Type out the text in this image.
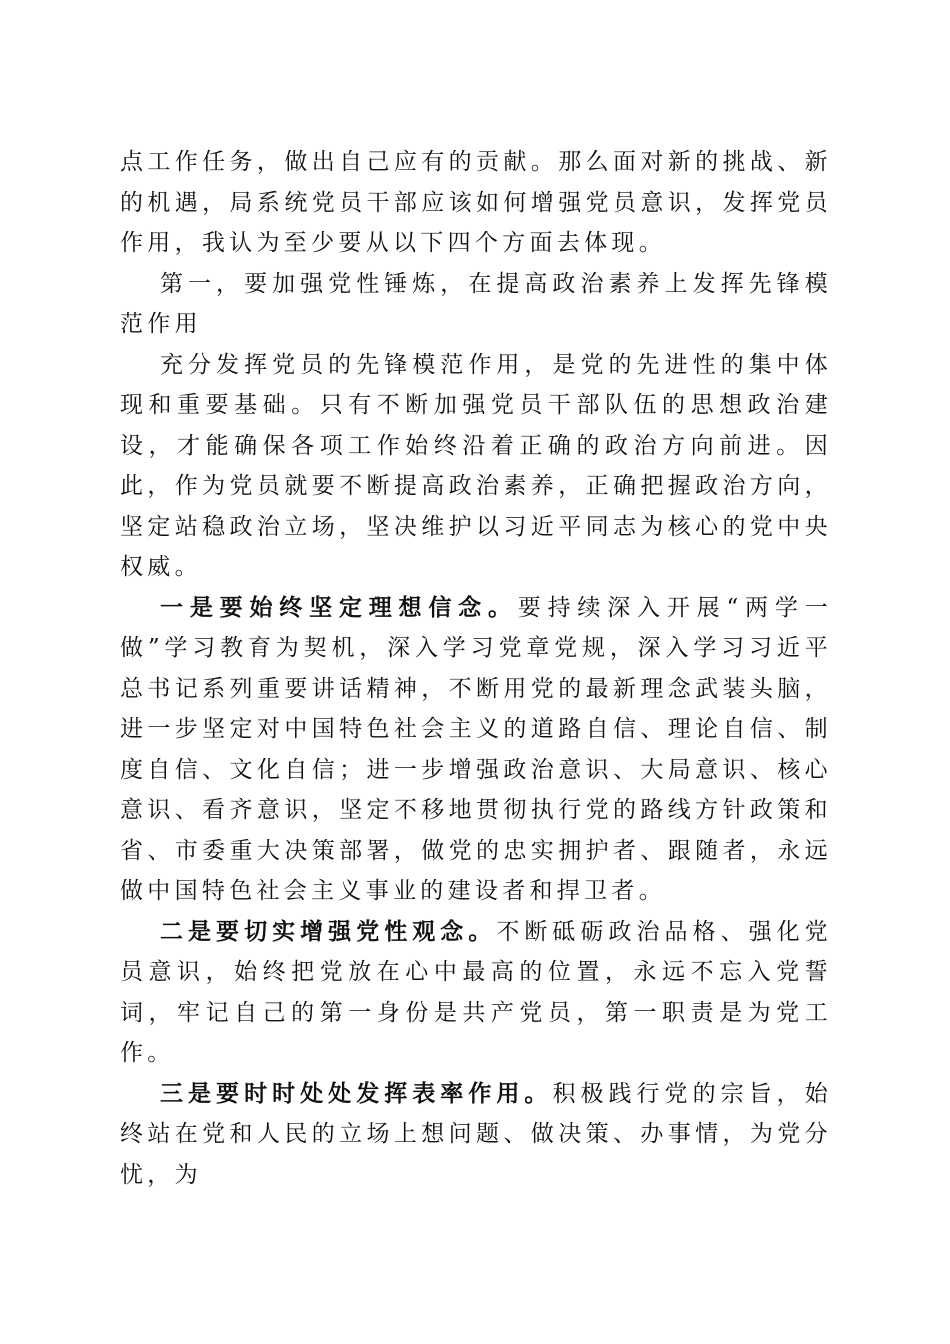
点工作任务，做出自己应有的贡献。那么面对新的挑战、新的机遇，局系统党员干部应该如何增强党员意识，发挥党员作用，我认为至少要从以下四个方面去体现。

第一，要加强党性锤炼，在提高政治素养上发挥先锋模范作用

充分发挥党员的先锋模范作用，是党的先进性的集中体现和重要基础。只有不断加强党员干部队伍的思想政治建设，才能确保各项工作始终沿着正确的政治方向前进。因此，作为党员就要不断提高政治素养，正确把握政治方向，坚定站稳政治立场，坚决维护以习近平同志为核心的党中央权威。

一是要始终坚定理想信念。要持续深入开展“两学一做”学习教育为契机，深入学习党章党规，深入学习习近平总书记系列重要讲话精神，不断用党的最新理念武装头脑，进一步坚定对中国特色社会主义的道路自信、理论自信、制度自信、文化自信；进一步增强政治意识、大局意识、核心意识、看齐意识，坚定不移地贯彻执行党的路线方针政策和省、市委重大决策部署，做党的忠实拥护者、跟随者，永远做中国特色社会主义事业的建设者和捍卫者。

二是要切实增强党性观念。不断砥砺政治品格、强化党员意识，始终把党放在心中最高的位置，永远不忘入党誓词，牢记自己的第一身份是共产党员，第一职责是为党工作。

三是要时时处处发挥表率作用。积极践行党的宗旨，始终站在党和人民的立场上想问题、做决策、办事情，为党分忧，为
